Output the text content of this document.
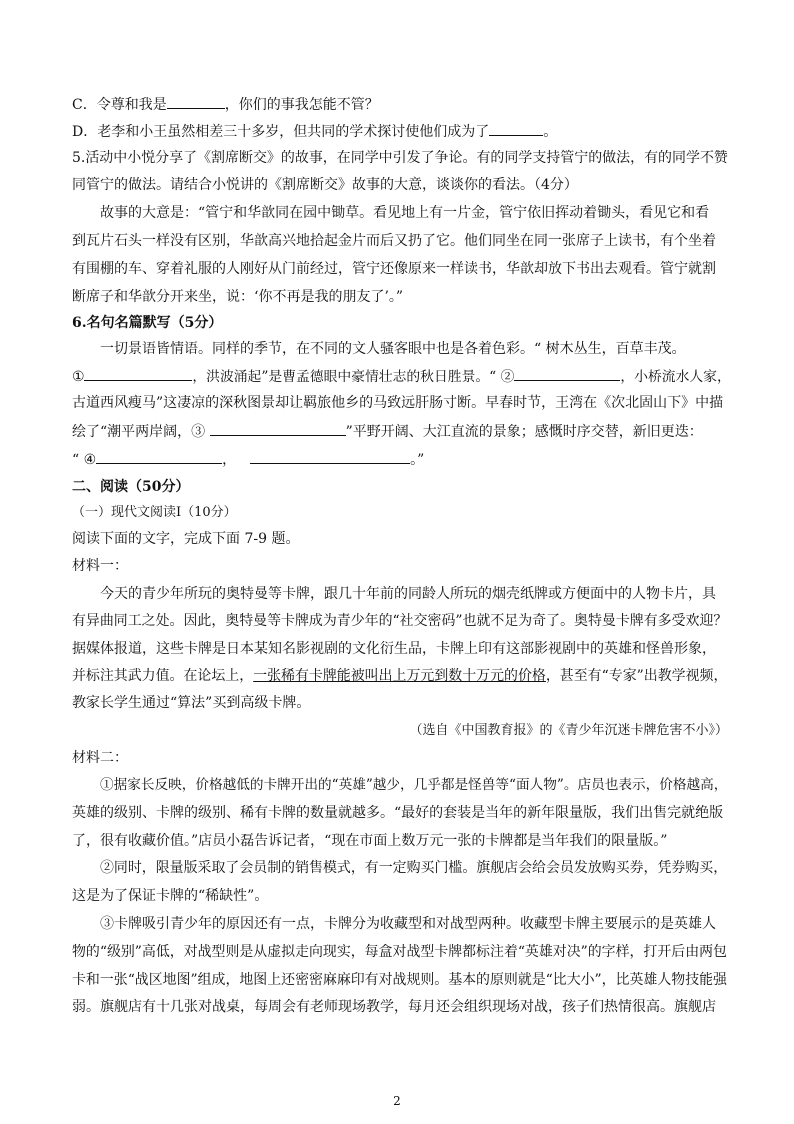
C．令尊和我是	，你们的事我怎能不管？
D．老李和小王虽然相差三十多岁，但共同的学术探讨使他们成为了	。
5.活动中小悦分享了《割席断交》的故事，在同学中引发了争论。有的同学支持管宁的做法，有的同学不赞
同管宁的做法。请结合小悦讲的《割席断交》故事的大意，谈谈你的看法。（4分）
故事的大意是：“管宁和华歆同在园中锄草。看见地上有一片金，管宁依旧挥动着锄头，看见它和看
到瓦片石头一样没有区别，华歆高兴地拾起金片而后又扔了它。他们同坐在同一张席子上读书，有个坐着
有围棚的车、穿着礼服的人刚好从门前经过，管宁还像原来一样读书，华歆却放下书出去观看。管宁就割
断席子和华歆分开来坐，说：‘你不再是我的朋友了’。”
6.名句名篇默写（5分）
一切景语皆情语。同样的季节，在不同的文人骚客眼中也是各着色彩。“ 树木丛生，百草丰茂。
①	，洪波涌起”是曹孟德眼中豪情壮志的秋日胜景。“ ②	，小桥流水人家，
古道西风瘦马”这凄凉的深秋图景却让羁旅他乡的马致远肝肠寸断。早春时节，王湾在《次北固山下》中描
绘了“潮平两岸阔，③	”平野开阔、大江直流的景象；感慨时序交替，新旧更迭：
“ ④	，	。”
二、阅读（50分）
（一）现代文阅读Ⅰ（10分）
阅读下面的文字，完成下面 7-9 题。
材料一：
今天的青少年所玩的奥特曼等卡牌，跟几十年前的同龄人所玩的烟壳纸牌或方便面中的人物卡片，具
有异曲同工之处。因此，奥特曼等卡牌成为青少年的“社交密码”也就不足为奇了。奥特曼卡牌有多受欢迎？
据媒体报道，这些卡牌是日本某知名影视剧的文化衍生品，卡牌上印有这部影视剧中的英雄和怪兽形象，
并标注其武力值。在论坛上，一张稀有卡牌能被叫出上万元到数十万元的价格，甚至有“专家”出教学视频，
教家长学生通过“算法”买到高级卡牌。
（选自《中国教育报》的《青少年沉迷卡牌危害不小》）
材料二：
①据家长反映，价格越低的卡牌开出的“英雄”越少，几乎都是怪兽等“面人物”。店员也表示，价格越高，
英雄的级别、卡牌的级别、稀有卡牌的数量就越多。“最好的套装是当年的新年限量版，我们出售完就绝版
了，很有收藏价值。”店员小磊告诉记者，“现在市面上数万元一张的卡牌都是当年我们的限量版。”
②同时，限量版采取了会员制的销售模式，有一定购买门槛。旗舰店会给会员发放购买券，凭券购买，
这是为了保证卡牌的“稀缺性”。
③卡牌吸引青少年的原因还有一点，卡牌分为收藏型和对战型两种。收藏型卡牌主要展示的是英雄人
物的“级别”高低，对战型则是从虚拟走向现实，每盒对战型卡牌都标注着“英雄对决”的字样，打开后由两包
卡和一张“战区地图”组成，地图上还密密麻麻印有对战规则。基本的原则就是“比大小”，比英雄人物技能强
弱。旗舰店有十几张对战桌，每周会有老师现场教学，每月还会组织现场对战，孩子们热情很高。旗舰店
2
